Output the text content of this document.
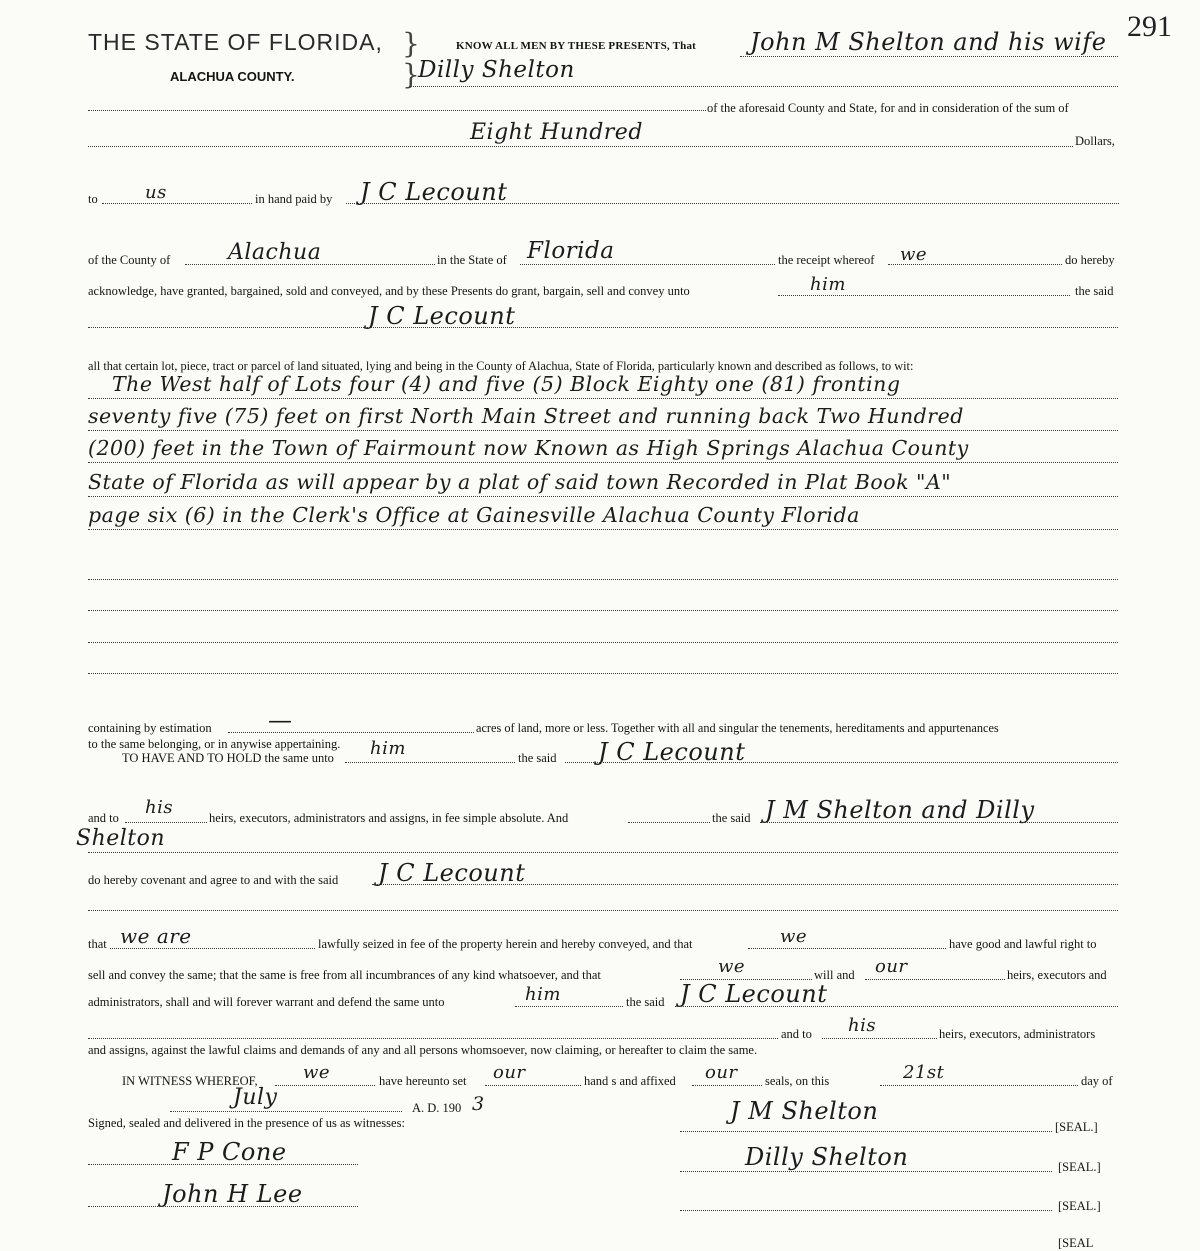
291
THE STATE OF FLORIDA, }
ALACHUA COUNTY.
KNOW ALL MEN BY THESE PRESENTS, That John M Shelton and his wife
}
Dilly Shelton
of the aforesaid County and State, for and in consideration of the sum of
Eight Hundred	Dollars,
to	us	in hand paid by J C Lecount
of the County of	Alachua	in the State of Florida	the receipt whereof we	do hereby
acknowledge, have granted, bargained, sold and conveyed, and by these Presents do grant, bargain, sell and convey unto	him	the said
J C Lecount
all that certain lot, piece, tract or parcel of land situated, lying and being in the County of Alachua, State of Florida, particularly known and described as follows, to wit:
The West half of Lots four (4) and five (5) Block Eighty one (81) fronting
seventy five (75) feet on first North Main Street and running back Two Hundred
(200) feet in the Town of Fairmount now Known as High Springs Alachua County
State of Florida as will appear by a plat of said town Recorded in Plat Book "A"
page six (6) in the Clerk's Office at Gainesville Alachua County Florida
containing by estimation —	acres of land, more or less. Together with all and singular the tenements, hereditaments and appurtenances
to the same belonging, or in anywise appertaining.
TO HAVE AND TO HOLD the same unto him	the said J C Lecount
and to his	heirs, executors, administrators and assigns, in fee simple absolute. And	the said J M Shelton and Dilly
Shelton
do hereby covenant and agree to and with the said J C Lecount
that we are	lawfully seized in fee of the property herein and hereby conveyed, and that	we	have good and lawful right to
sell and convey the same; that the same is free from all incumbrances of any kind whatsoever, and that	we	will and our	heirs, executors and
administrators, shall and will forever warrant and defend the same unto	him	the said J C Lecount
and to his	heirs, executors, administrators
and assigns, against the lawful claims and demands of any and all persons whomsoever, now claiming, or hereafter to claim the same.
IN WITNESS WHEREOF,	we	have hereunto set our	hand s and affixed our seals, on this	21st	day of
July	A. D. 190 3
Signed, sealed and delivered in the presence of us as witnesses:	J M Shelton
[SEAL.]
Dilly Shelton	[SEAL.]
[SEAL.]
[SEAL
F P Cone
John H Lee
